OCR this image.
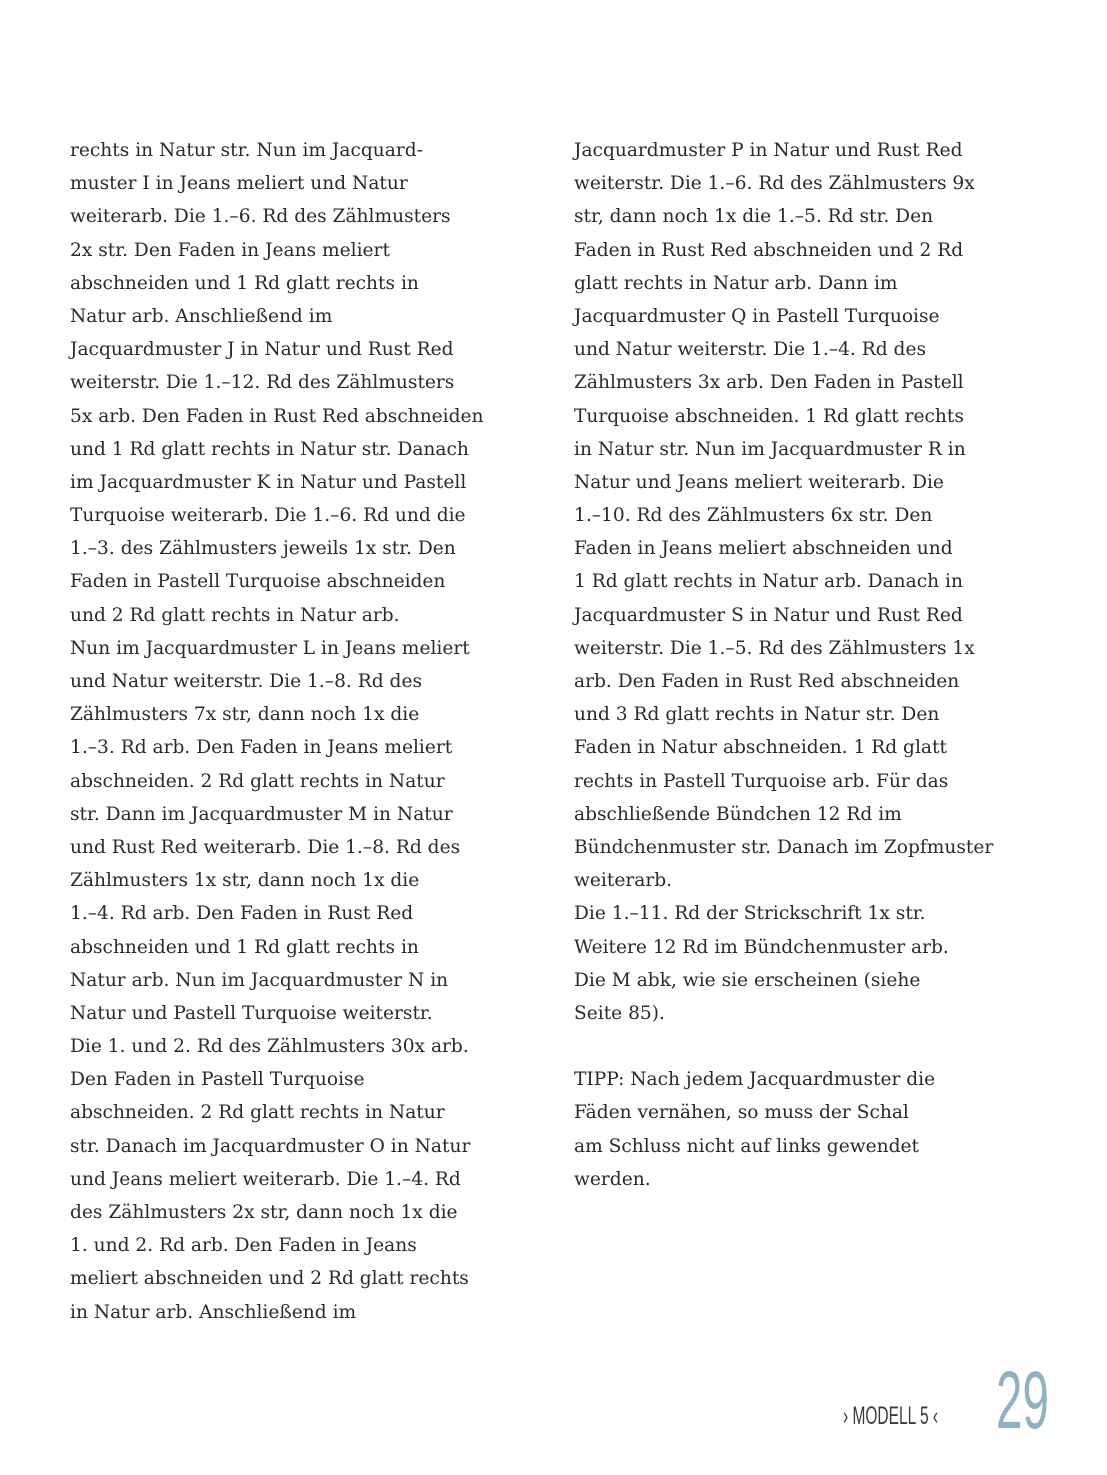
rechts in Natur str. Nun im Jacquard-
muster I in Jeans meliert und Natur
weiterarb. Die 1.–6. Rd des Zählmusters
2x str. Den Faden in Jeans meliert
abschneiden und 1 Rd glatt rechts in
Natur arb. Anschließend im
Jacquardmuster J in Natur und Rust Red
weiterstr. Die 1.–12. Rd des Zählmusters
5x arb. Den Faden in Rust Red abschneiden
und 1 Rd glatt rechts in Natur str. Danach
im Jacquardmuster K in Natur und Pastell
Turquoise weiterarb. Die 1.–6. Rd und die
1.–3. des Zählmusters jeweils 1x str. Den
Faden in Pastell Turquoise abschneiden
und 2 Rd glatt rechts in Natur arb.
Nun im Jacquardmuster L in Jeans meliert
und Natur weiterstr. Die 1.–8. Rd des
Zählmusters 7x str, dann noch 1x die
1.–3. Rd arb. Den Faden in Jeans meliert
abschneiden. 2 Rd glatt rechts in Natur
str. Dann im Jacquardmuster M in Natur
und Rust Red weiterarb. Die 1.–8. Rd des
Zählmusters 1x str, dann noch 1x die
1.–4. Rd arb. Den Faden in Rust Red
abschneiden und 1 Rd glatt rechts in
Natur arb. Nun im Jacquardmuster N in
Natur und Pastell Turquoise weiterstr.
Die 1. und 2. Rd des Zählmusters 30x arb.
Den Faden in Pastell Turquoise
abschneiden. 2 Rd glatt rechts in Natur
str. Danach im Jacquardmuster O in Natur
und Jeans meliert weiterarb. Die 1.–4. Rd
des Zählmusters 2x str, dann noch 1x die
1. und 2. Rd arb. Den Faden in Jeans
meliert abschneiden und 2 Rd glatt rechts
in Natur arb. Anschließend im
Jacquardmuster P in Natur und Rust Red
weiterstr. Die 1.–6. Rd des Zählmusters 9x
str, dann noch 1x die 1.–5. Rd str. Den
Faden in Rust Red abschneiden und 2 Rd
glatt rechts in Natur arb. Dann im
Jacquardmuster Q in Pastell Turquoise
und Natur weiterstr. Die 1.–4. Rd des
Zählmusters 3x arb. Den Faden in Pastell
Turquoise abschneiden. 1 Rd glatt rechts
in Natur str. Nun im Jacquardmuster R in
Natur und Jeans meliert weiterarb. Die
1.–10. Rd des Zählmusters 6x str. Den
Faden in Jeans meliert abschneiden und
1 Rd glatt rechts in Natur arb. Danach in
Jacquardmuster S in Natur und Rust Red
weiterstr. Die 1.–5. Rd des Zählmusters 1x
arb. Den Faden in Rust Red abschneiden
und 3 Rd glatt rechts in Natur str. Den
Faden in Natur abschneiden. 1 Rd glatt
rechts in Pastell Turquoise arb. Für das
abschließende Bündchen 12 Rd im
Bündchenmuster str. Danach im Zopfmuster
weiterarb.
Die 1.–11. Rd der Strickschrift 1x str.
Weitere 12 Rd im Bündchenmuster arb.
Die M abk, wie sie erscheinen (siehe
Seite 85).
TIPP: Nach jedem Jacquardmuster die
Fäden vernähen, so muss der Schal
am Schluss nicht auf links gewendet
werden.
› MODELL 5 ‹ 29
